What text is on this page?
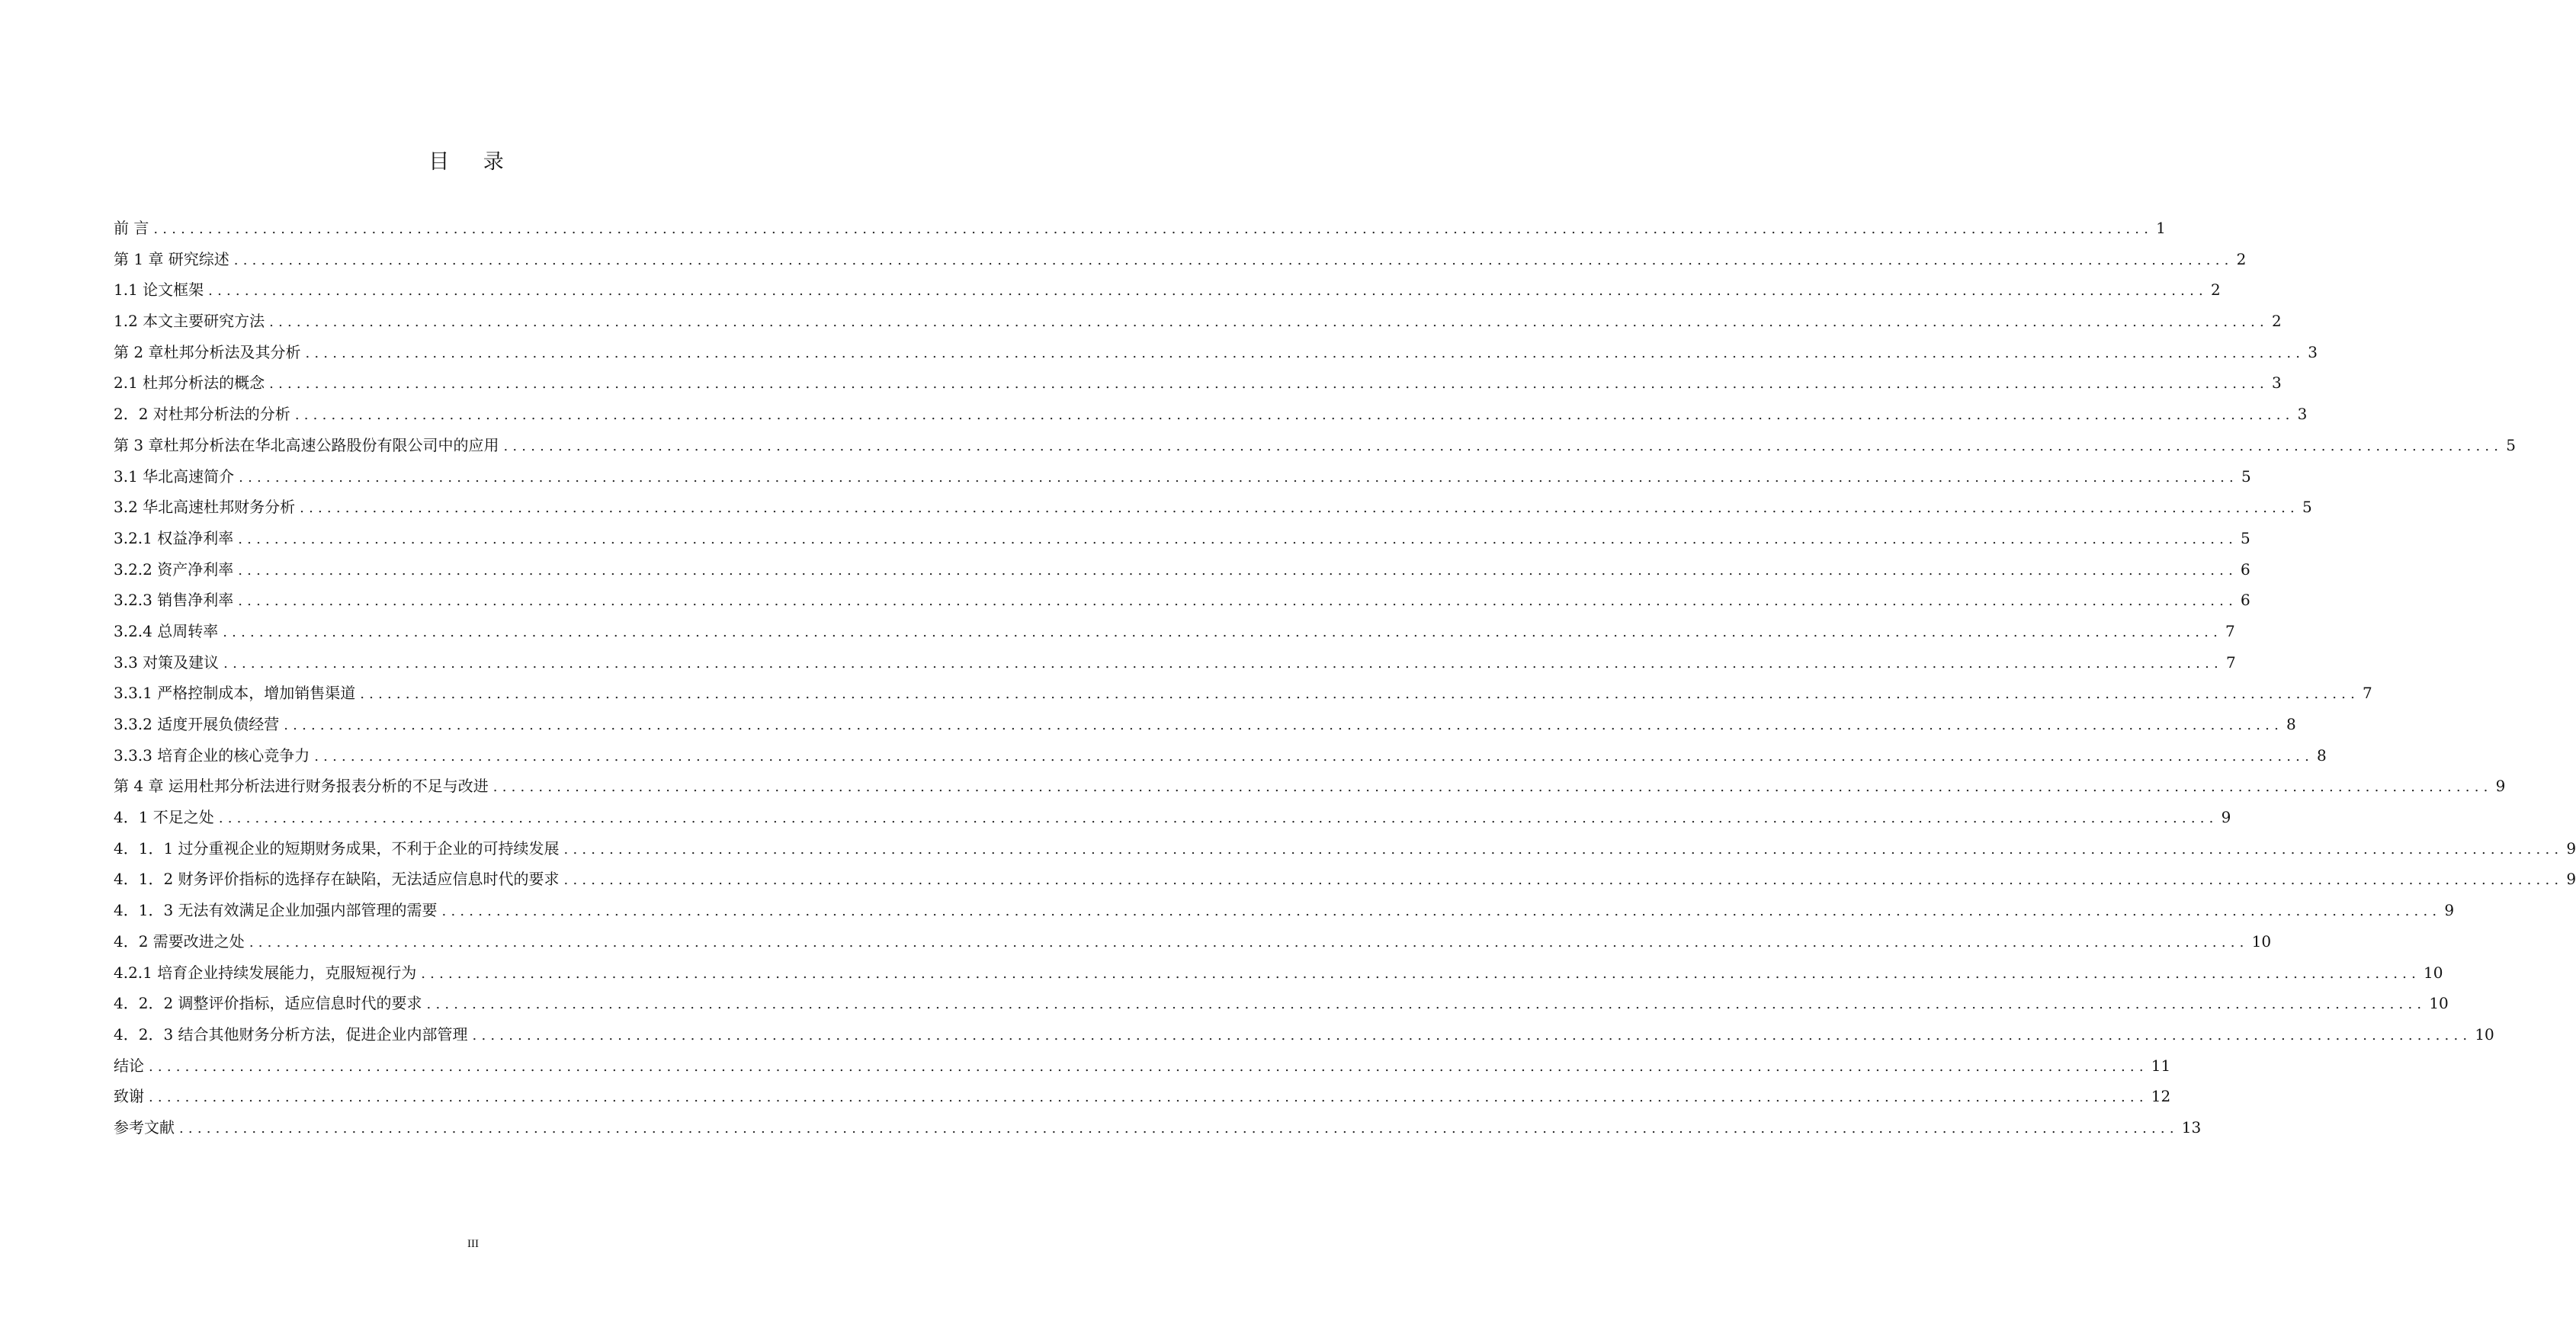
目 录
前 言 ............................................................................................................................................................................................................................ 1
第 1 章 研究综述 ............................................................................................................................................................................................................................ 2
1.1 论文框架 ............................................................................................................................................................................................................................ 2
1.2 本文主要研究方法 ............................................................................................................................................................................................................................ 2
第 2 章杜邦分析法及其分析 ............................................................................................................................................................................................................................ 3
2.1 杜邦分析法的概念 ............................................................................................................................................................................................................................ 3
2．2 对杜邦分析法的分析 ............................................................................................................................................................................................................................ 3
第 3 章杜邦分析法在华北高速公路股份有限公司中的应用 ............................................................................................................................................................................................................................ 5
3.1 华北高速简介 ............................................................................................................................................................................................................................ 5
3.2 华北高速杜邦财务分析 ............................................................................................................................................................................................................................ 5
3.2.1 权益净利率 ............................................................................................................................................................................................................................ 5
3.2.2 资产净利率 ............................................................................................................................................................................................................................ 6
3.2.3 销售净利率 ............................................................................................................................................................................................................................ 6
3.2.4 总周转率 ............................................................................................................................................................................................................................ 7
3.3 对策及建议 ............................................................................................................................................................................................................................ 7
3.3.1 严格控制成本，增加销售渠道 ............................................................................................................................................................................................................................ 7
3.3.2 适度开展负债经营 ............................................................................................................................................................................................................................ 8
3.3.3 培育企业的核心竞争力 ............................................................................................................................................................................................................................ 8
第 4 章 运用杜邦分析法进行财务报表分析的不足与改进 ............................................................................................................................................................................................................................ 9
4．1 不足之处 ............................................................................................................................................................................................................................ 9
4．1．1 过分重视企业的短期财务成果，不利于企业的可持续发展 ............................................................................................................................................................................................................................ 9
4．1．2 财务评价指标的选择存在缺陷，无法适应信息时代的要求 ............................................................................................................................................................................................................................ 9
4．1．3 无法有效满足企业加强内部管理的需要 ............................................................................................................................................................................................................................ 9
4．2 需要改进之处 ............................................................................................................................................................................................................................ 10
4.2.1 培育企业持续发展能力，克服短视行为 ............................................................................................................................................................................................................................ 10
4．2．2 调整评价指标，适应信息时代的要求 ............................................................................................................................................................................................................................ 10
4．2．3 结合其他财务分析方法，促进企业内部管理 ............................................................................................................................................................................................................................ 10
结论 ............................................................................................................................................................................................................................ 11
致谢 ............................................................................................................................................................................................................................ 12
参考文献 ............................................................................................................................................................................................................................ 13
III
